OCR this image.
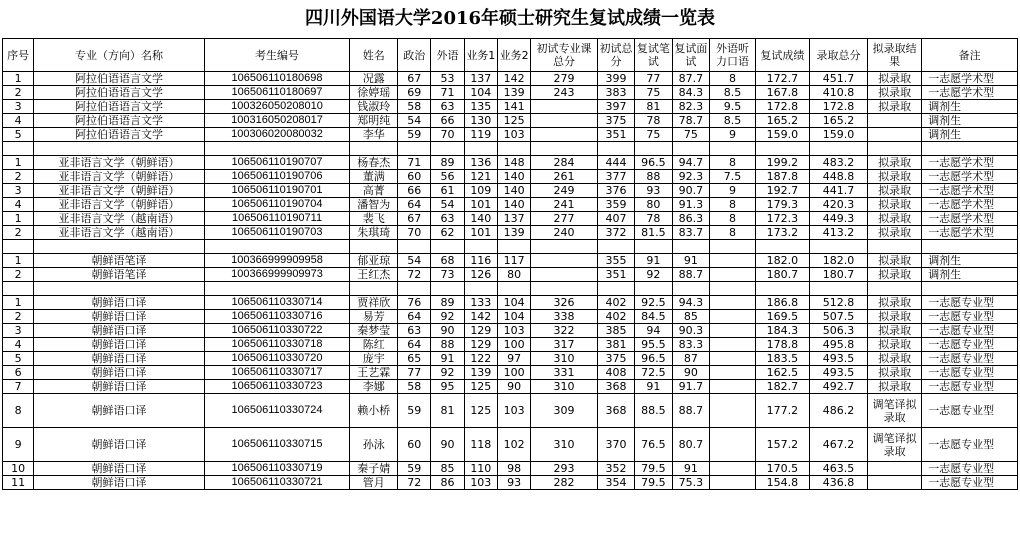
四川外国语大学2016年硕士研究生复试成绩一览表
序号	专业（方向）名称	考生编号	姓名	政治	外语	业务1	业务2	初试专业课总分	初试总分	复试笔试	复试面试	外语听力口语	复试成绩	录取总分	拟录取结果	备注
1	阿拉伯语语言文学	106506110180698	况露	67	53	137	142	279	399	77	87.7	8	172.7	451.7	拟录取	一志愿学术型
2	阿拉伯语语言文学	106506110180697	徐婷瑶	69	71	104	139	243	383	75	84.3	8.5	167.8	410.8	拟录取	一志愿学术型
3	阿拉伯语语言文学	100326050208010	钱淑玲	58	63	135	141		397	81	82.3	9.5	172.8	172.8	拟录取	调剂生
4	阿拉伯语语言文学	100316050208017	郑明纯	54	66	130	125		375	78	78.7	8.5	165.2	165.2		调剂生
5	阿拉伯语语言文学	100306020080032	李华	59	70	119	103		351	75	75	9	159.0	159.0		调剂生

1	亚非语言文学（朝鲜语）	106506110190707	杨春杰	71	89	136	148	284	444	96.5	94.7	8	199.2	483.2	拟录取	一志愿学术型
2	亚非语言文学（朝鲜语）	106506110190706	董满	60	56	121	140	261	377	88	92.3	7.5	187.8	448.8	拟录取	一志愿学术型
3	亚非语言文学（朝鲜语）	106506110190701	高菁	66	61	109	140	249	376	93	90.7	9	192.7	441.7	拟录取	一志愿学术型
4	亚非语言文学（朝鲜语）	106506110190704	潘智为	64	54	101	140	241	359	80	91.3	8	179.3	420.3	拟录取	一志愿学术型
1	亚非语言文学（越南语）	106506110190711	裴飞	67	63	140	137	277	407	78	86.3	8	172.3	449.3	拟录取	一志愿学术型
2	亚非语言文学（越南语）	106506110190703	朱琪琦	70	62	101	139	240	372	81.5	83.7	8	173.2	413.2	拟录取	一志愿学术型

1	朝鲜语笔译	100366999909958	郁亚琼	54	68	116	117		355	91	91		182.0	182.0	拟录取	调剂生
2	朝鲜语笔译	100366999909973	王红杰	72	73	126	80		351	92	88.7		180.7	180.7	拟录取	调剂生

1	朝鲜语口译	106506110330714	贾祥欣	76	89	133	104	326	402	92.5	94.3		186.8	512.8	拟录取	一志愿专业型
2	朝鲜语口译	106506110330716	易芳	64	92	142	104	338	402	84.5	85		169.5	507.5	拟录取	一志愿专业型
3	朝鲜语口译	106506110330722	秦梦莹	63	90	129	103	322	385	94	90.3		184.3	506.3	拟录取	一志愿专业型
4	朝鲜语口译	106506110330718	陈红	64	88	129	100	317	381	95.5	83.3		178.8	495.8	拟录取	一志愿专业型
5	朝鲜语口译	106506110330720	庞宇	65	91	122	97	310	375	96.5	87		183.5	493.5	拟录取	一志愿专业型
6	朝鲜语口译	106506110330717	王艺霖	77	92	139	100	331	408	72.5	90		162.5	493.5	拟录取	一志愿专业型
7	朝鲜语口译	106506110330723	李娜	58	95	125	90	310	368	91	91.7		182.7	492.7	拟录取	一志愿专业型
8	朝鲜语口译	106506110330724	赖小桥	59	81	125	103	309	368	88.5	88.7		177.2	486.2	调笔译拟录取	一志愿专业型
9	朝鲜语口译	106506110330715	孙泳	60	90	118	102	310	370	76.5	80.7		157.2	467.2	调笔译拟录取	一志愿专业型
10	朝鲜语口译	106506110330719	秦子婧	59	85	110	98	293	352	79.5	91		170.5	463.5		一志愿专业型
11	朝鲜语口译	106506110330721	管月	72	86	103	93	282	354	79.5	75.3		154.8	436.8		一志愿专业型
